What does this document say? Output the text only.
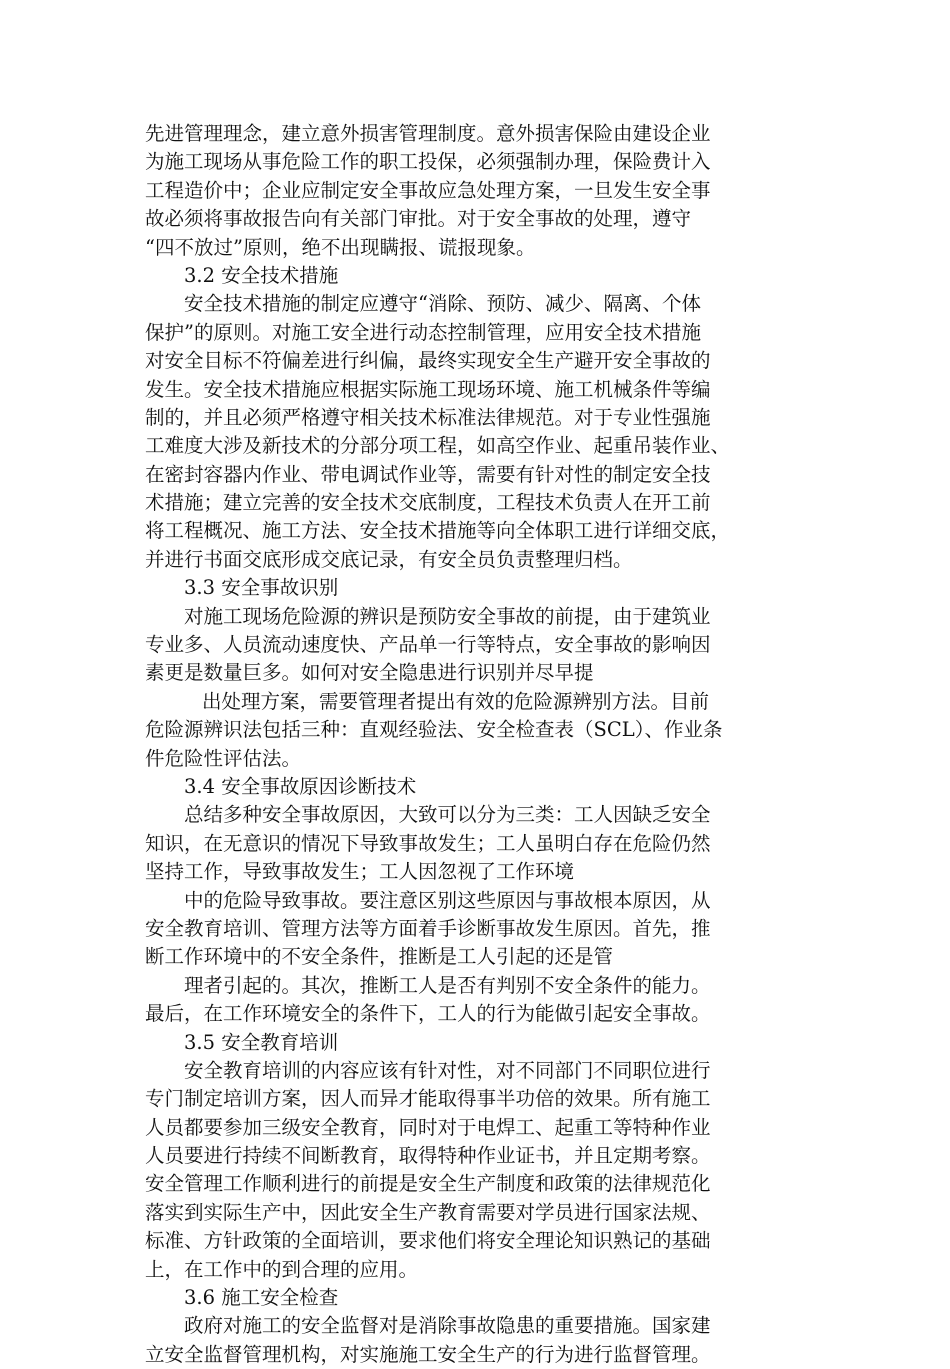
先进管理理念，建立意外损害管理制度。意外损害保险由建设企业
为施工现场从事危险工作的职工投保，必须强制办理，保险费计入
工程造价中；企业应制定安全事故应急处理方案，一旦发生安全事
故必须将事故报告向有关部门审批。对于安全事故的处理，遵守
“四不放过”原则，绝不出现瞒报、谎报现象。
3.2 安全技术措施
安全技术措施的制定应遵守“消除、预防、减少、隔离、个体
保护”的原则。对施工安全进行动态控制管理，应用安全技术措施
对安全目标不符偏差进行纠偏，最终实现安全生产避开安全事故的
发生。安全技术措施应根据实际施工现场环境、施工机械条件等编
制的，并且必须严格遵守相关技术标准法律规范。对于专业性强施
工难度大涉及新技术的分部分项工程，如高空作业、起重吊装作业、
在密封容器内作业、带电调试作业等，需要有针对性的制定安全技
术措施；建立完善的安全技术交底制度，工程技术负责人在开工前
将工程概况、施工方法、安全技术措施等向全体职工进行详细交底，
并进行书面交底形成交底记录，有安全员负责整理归档。
3.3 安全事故识别
对施工现场危险源的辨识是预防安全事故的前提，由于建筑业
专业多、人员流动速度快、产品单一行等特点，安全事故的影响因
素更是数量巨多。如何对安全隐患进行识别并尽早提
出处理方案，需要管理者提出有效的危险源辨别方法。目前
危险源辨识法包括三种：直观经验法、安全检查表（SCL）、作业条
件危险性评估法。
3.4 安全事故原因诊断技术
总结多种安全事故原因，大致可以分为三类：工人因缺乏安全
知识，在无意识的情况下导致事故发生；工人虽明白存在危险仍然
坚持工作，导致事故发生；工人因忽视了工作环境
中的危险导致事故。要注意区别这些原因与事故根本原因，从
安全教育培训、管理方法等方面着手诊断事故发生原因。首先，推
断工作环境中的不安全条件，推断是工人引起的还是管
理者引起的。其次，推断工人是否有判别不安全条件的能力。
最后，在工作环境安全的条件下，工人的行为能做引起安全事故。
3.5 安全教育培训
安全教育培训的内容应该有针对性，对不同部门不同职位进行
专门制定培训方案，因人而异才能取得事半功倍的效果。所有施工
人员都要参加三级安全教育，同时对于电焊工、起重工等特种作业
人员要进行持续不间断教育，取得特种作业证书，并且定期考察。
安全管理工作顺利进行的前提是安全生产制度和政策的法律规范化
落实到实际生产中，因此安全生产教育需要对学员进行国家法规、
标准、方针政策的全面培训，要求他们将安全理论知识熟记的基础
上，在工作中的到合理的应用。
3.6 施工安全检查
政府对施工的安全监督对是消除事故隐患的重要措施。国家建
立安全监督管理机构，对实施施工安全生产的行为进行监督管理。
